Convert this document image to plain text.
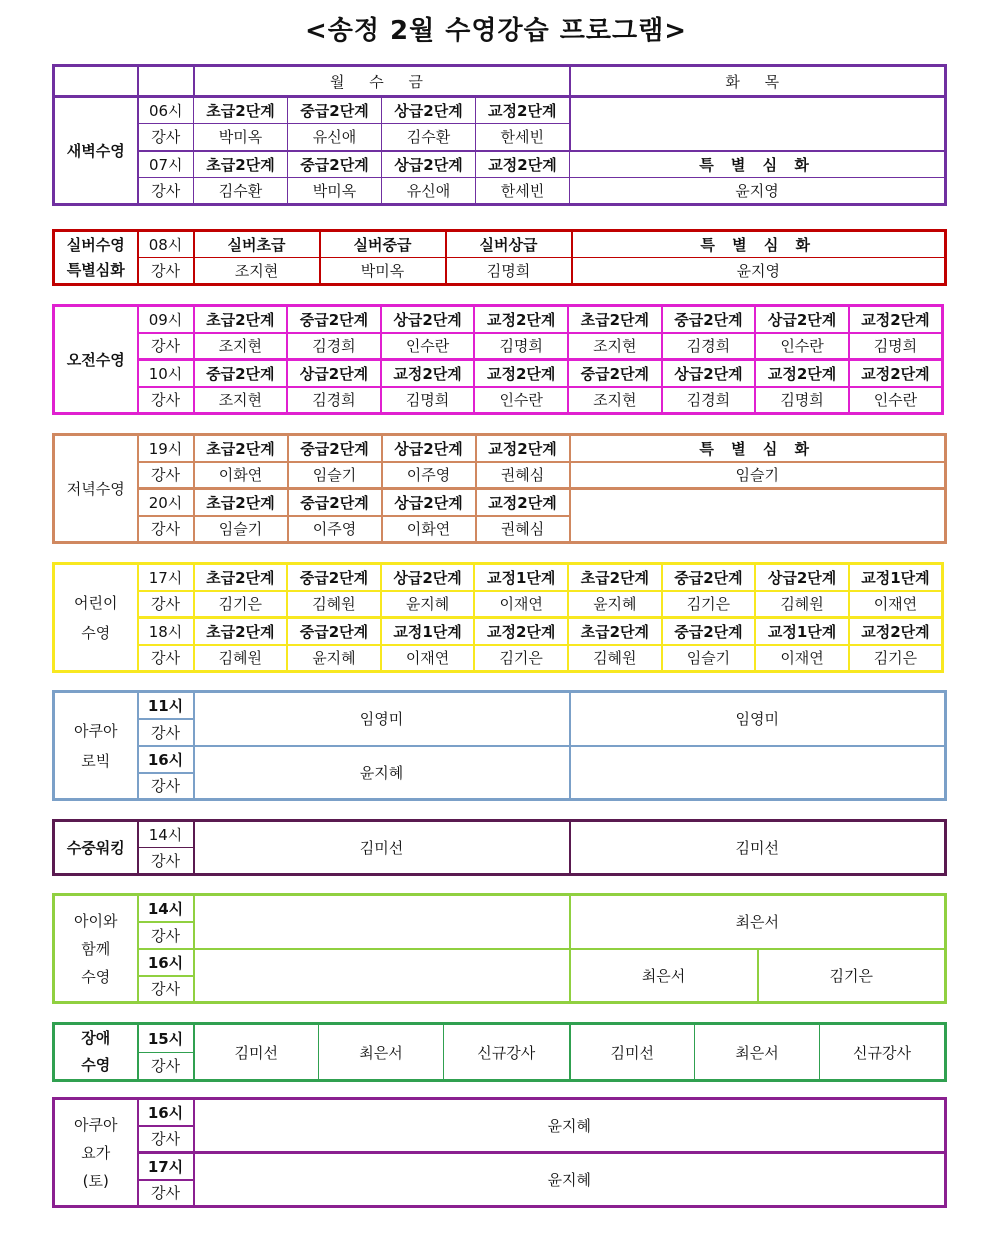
<송정 2월 수영강습 프로그램>
		월 수 금				화 목
새벽수영	06시	초급2단계	중급2단계	상급2단계	교정2단계	
	강사	박미옥	유신애	김수환	한세빈	
	07시	초급2단계	중급2단계	상급2단계	교정2단계	특 별 심 화
	강사	김수환	박미옥	유신애	한세빈	윤지영
실버수영	08시	실버초급	실버중급	실버상급	특 별 심 화
특별심화	강사	조지현	박미옥	김명희	윤지영
오전수영	09시	초급2단계	중급2단계	상급2단계	교정2단계	초급2단계	중급2단계	상급2단계	교정2단계
	강사	조지현	김경희	인수란	김명희	조지현	김경희	인수란	김명희
	10시	중급2단계	상급2단계	교정2단계	교정2단계	중급2단계	상급2단계	교정2단계	교정2단계
	강사	조지현	김경희	김명희	인수란	조지현	김경희	김명희	인수란
저녁수영	19시	초급2단계	중급2단계	상급2단계	교정2단계	특 별 심 화
	강사	이화연	임슬기	이주영	권혜심	임슬기
	20시	초급2단계	중급2단계	상급2단계	교정2단계	
	강사	임슬기	이주영	이화연	권혜심	
어린이
수영	17시	초급2단계	중급2단계	상급2단계	교정1단계	초급2단계	중급2단계	상급2단계	교정1단계
	강사	김기은	김혜원	윤지혜	이재연	윤지혜	김기은	김혜원	이재연
	18시	초급2단계	중급2단계	교정1단계	교정2단계	초급2단계	중급2단계	교정1단계	교정2단계
	강사	김혜원	윤지혜	이재연	김기은	김혜원	임슬기	이재연	김기은
아쿠아
로빅	11시	임영미	임영미
	강사		
	16시	윤지혜	
	강사		
수중워킹	14시	김미선	김미선
강사
아이와
함께
수영	14시		최은서	
	강사			
	16시		최은서	김기은
	강사			
장애
수영
	15시	김미선	최은서	신규강사	김미선	최은서	신규강사
강사
아쿠아
요가
(토)	16시	윤지혜
	강사	
	17시	윤지혜
	강사	
